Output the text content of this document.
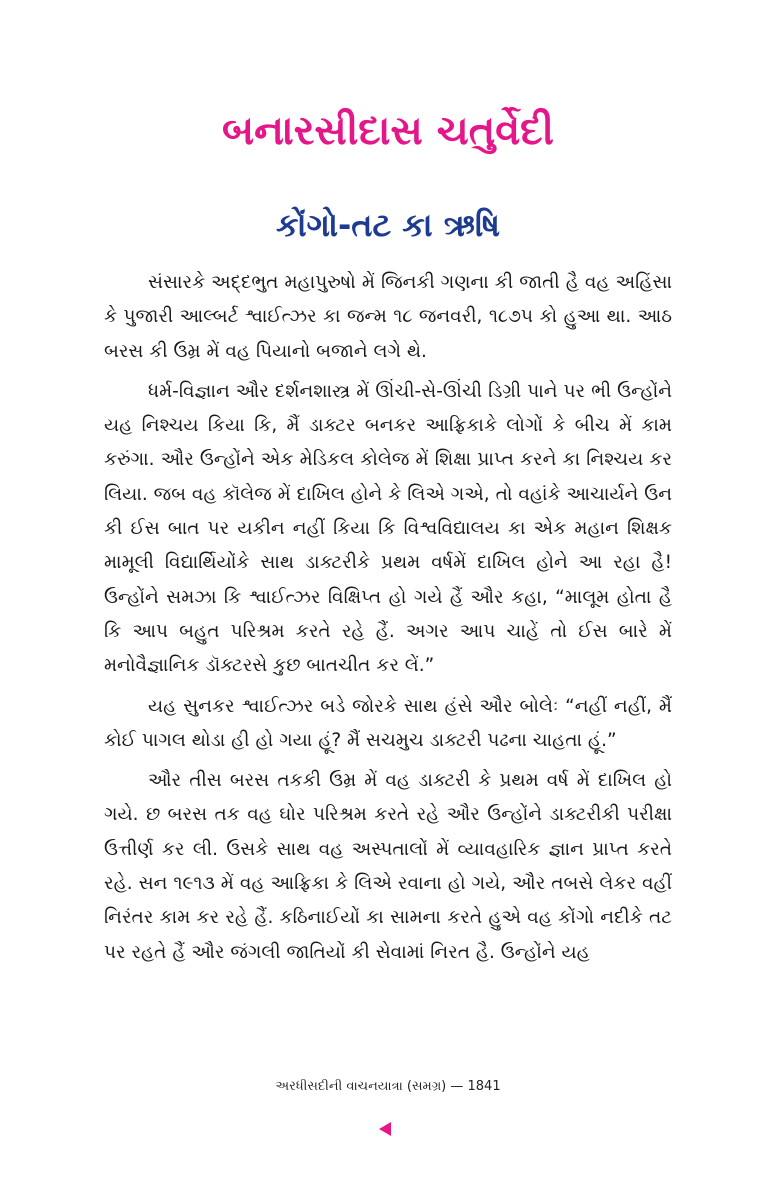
બનારસીદાસ ચતુર્વેદી
કોંગો-તટ કા ઋષિ

સંસારકે અદ્દભુત મહાપુરુષો મેં જિનકી ગણના કી જાતી હૈ વહ અહિંસા કે પુજારી આલ્બર્ટ શ્વાઈત્ઝર કા જન્મ ૧૮ જનવરી, ૧૮૭૫ કો હુઆ થા. આઠ બરસ કી ઉમ્ર મેં વહ પિયાનો બજાને લગે થે.

ધર્મ-વિજ્ઞાન ઔર દર્શનશાસ્ત્ર મેં ઊંચી-સે-ઊંચી ડિગ્રી પાને પર ભી ઉન્હોંને યહ નિશ્ચય કિયા કિ, મૈં ડાક્ટર બનકર આફ્રિકાકે લોગોં કે બીચ મેં કામ કરુંગા. ઔર ઉન્હોંને એક મેડિકલ કોલેજ મેં શિક્ષા પ્રાપ્ત કરને કા નિશ્ચય કર લિયા. જબ વહ કૉલેજ મેં દાખિલ હોને કે લિએ ગએ, તો વહાંકે આચાર્યને ઉન કી ઈસ બાત પર યકીન નહીં કિયા કિ વિશ્વવિદ્યાલય કા એક મહાન શિક્ષક મામૂલી વિદ્યાર્થિયોંકે સાથ ડાક્ટરીકે પ્રથમ વર્ષમેં દાખિલ હોને આ રહા હૈ! ઉન્હોંને સમઝા કિ શ્વાઈત્ઝર વિક્ષિપ્ત હો ગયે હૈં ઔર કહા, “માલૂમ હોતા હૈ કિ આપ બહુત પરિશ્રમ કરતે રહે હૈં. અગર આપ ચાહેં તો ઈસ બારે મેં મનોવૈજ્ઞાનિક ડૉક્ટરસે કુછ બાતચીત કર લેં.”

યહ સુનકર શ્વાઈત્ઝર બડે જોરકે સાથ હંસે ઔર બોલેઃ “નહીં નહીં, મૈં કોઈ પાગલ થોડા હી હો ગયા હૂં? મૈં સચમુચ ડાક્ટરી પઢના ચાહતા હૂં.”

ઔર તીસ બરસ તકકી ઉમ્ર મેં વહ ડાક્ટરી કે પ્રથમ વર્ષ મેં દાખિલ હો ગયે. છ બરસ તક વહ ઘોર પરિશ્રમ કરતે રહે ઔર ઉન્હોંને ડાક્ટરીકી પરીક્ષા ઉત્તીર્ણ કર લી. ઉસકે સાથ વહ અસ્પતાલોં મેં વ્યાવહારિક જ્ઞાન પ્રાપ્ત કરતે રહે. સન ૧૯૧૩ મેં વહ આફ્રિકા કે લિએ રવાના હો ગયે, ઔર તબસે લેકર વહીં નિરંતર કામ કર રહે હૈં. કઠિનાઈયોં કા સામના કરતે હુએ વહ કોંગો નદીકે તટ પર રહતે હૈં ઔર જંગલી જાતિયોં કી સેવામાં નિરત હૈ. ઉન્હોંને યહ

અરધીસદીની વાચનયાત્રા (સમગ્ર) — 1841
